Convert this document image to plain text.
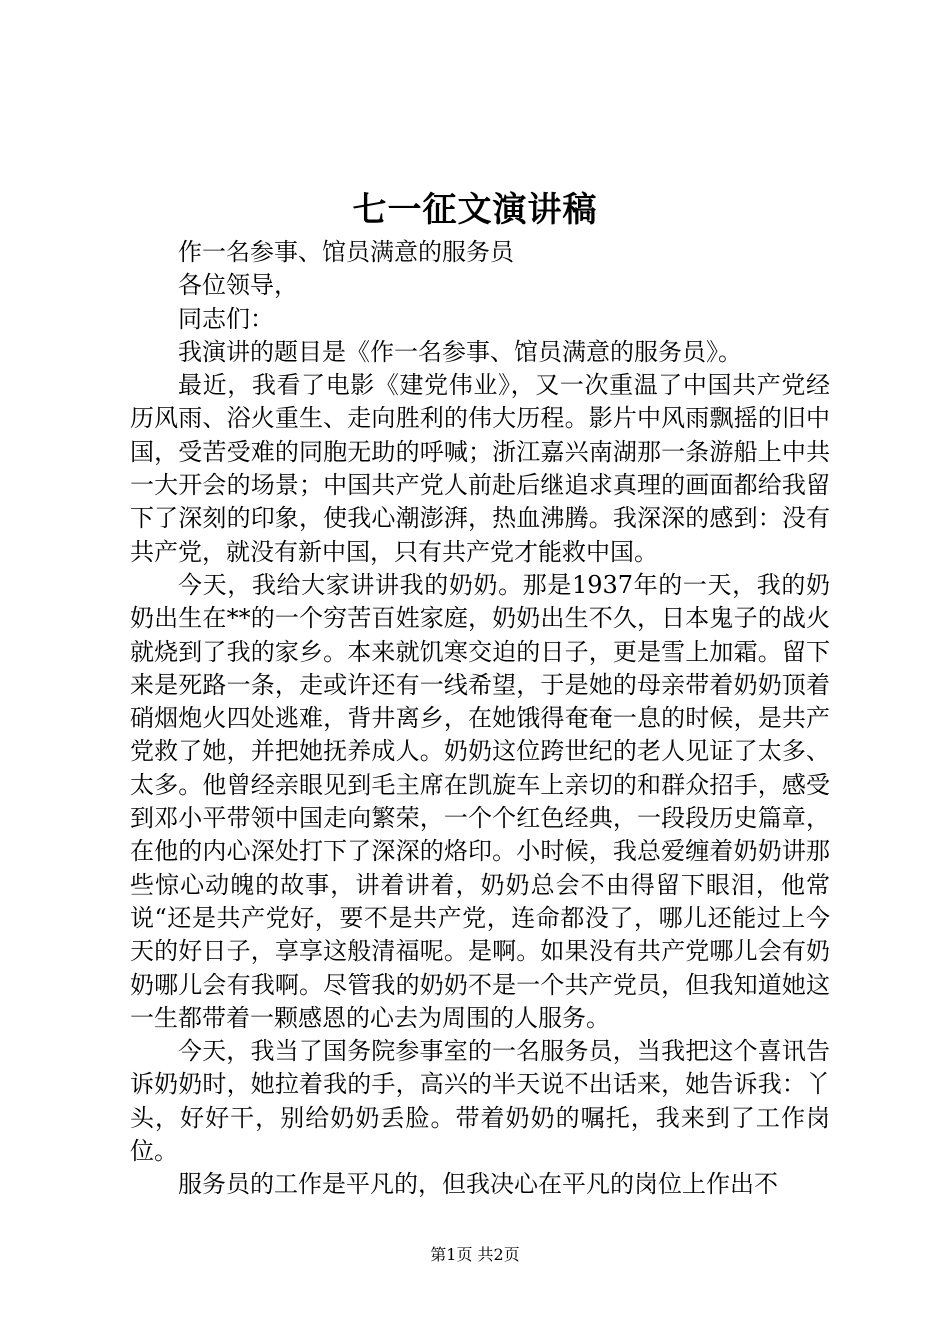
七一征文演讲稿

作一名参事、馆员满意的服务员

各位领导，

同志们：

我演讲的题目是《作一名参事、馆员满意的服务员》。

最近，我看了电影《建党伟业》，又一次重温了中国共产党经历风雨、浴火重生、走向胜利的伟大历程。影片中风雨飘摇的旧中国，受苦受难的同胞无助的呼喊；浙江嘉兴南湖那一条游船上中共一大开会的场景；中国共产党人前赴后继追求真理的画面都给我留下了深刻的印象，使我心潮澎湃，热血沸腾。我深深的感到：没有共产党，就没有新中国，只有共产党才能救中国。

今天，我给大家讲讲我的奶奶。那是1937年的一天，我的奶奶出生在**的一个穷苦百姓家庭，奶奶出生不久，日本鬼子的战火就烧到了我的家乡。本来就饥寒交迫的日子，更是雪上加霜。留下来是死路一条，走或许还有一线希望，于是她的母亲带着奶奶顶着硝烟炮火四处逃难，背井离乡，在她饿得奄奄一息的时候，是共产党救了她，并把她抚养成人。奶奶这位跨世纪的老人见证了太多、太多。他曾经亲眼见到毛主席在凯旋车上亲切的和群众招手，感受到邓小平带领中国走向繁荣，一个个红色经典，一段段历史篇章，在他的内心深处打下了深深的烙印。小时候，我总爱缠着奶奶讲那些惊心动魄的故事，讲着讲着，奶奶总会不由得留下眼泪，他常说“还是共产党好，要不是共产党，连命都没了，哪儿还能过上今天的好日子，享享这般清福呢。是啊。如果没有共产党哪儿会有奶奶哪儿会有我啊。尽管我的奶奶不是一个共产党员，但我知道她这一生都带着一颗感恩的心去为周围的人服务。

今天，我当了国务院参事室的一名服务员，当我把这个喜讯告诉奶奶时，她拉着我的手，高兴的半天说不出话来，她告诉我：丫头，好好干，别给奶奶丢脸。带着奶奶的嘱托，我来到了工作岗位。

服务员的工作是平凡的，但我决心在平凡的岗位上作出不

第1页 共2页
